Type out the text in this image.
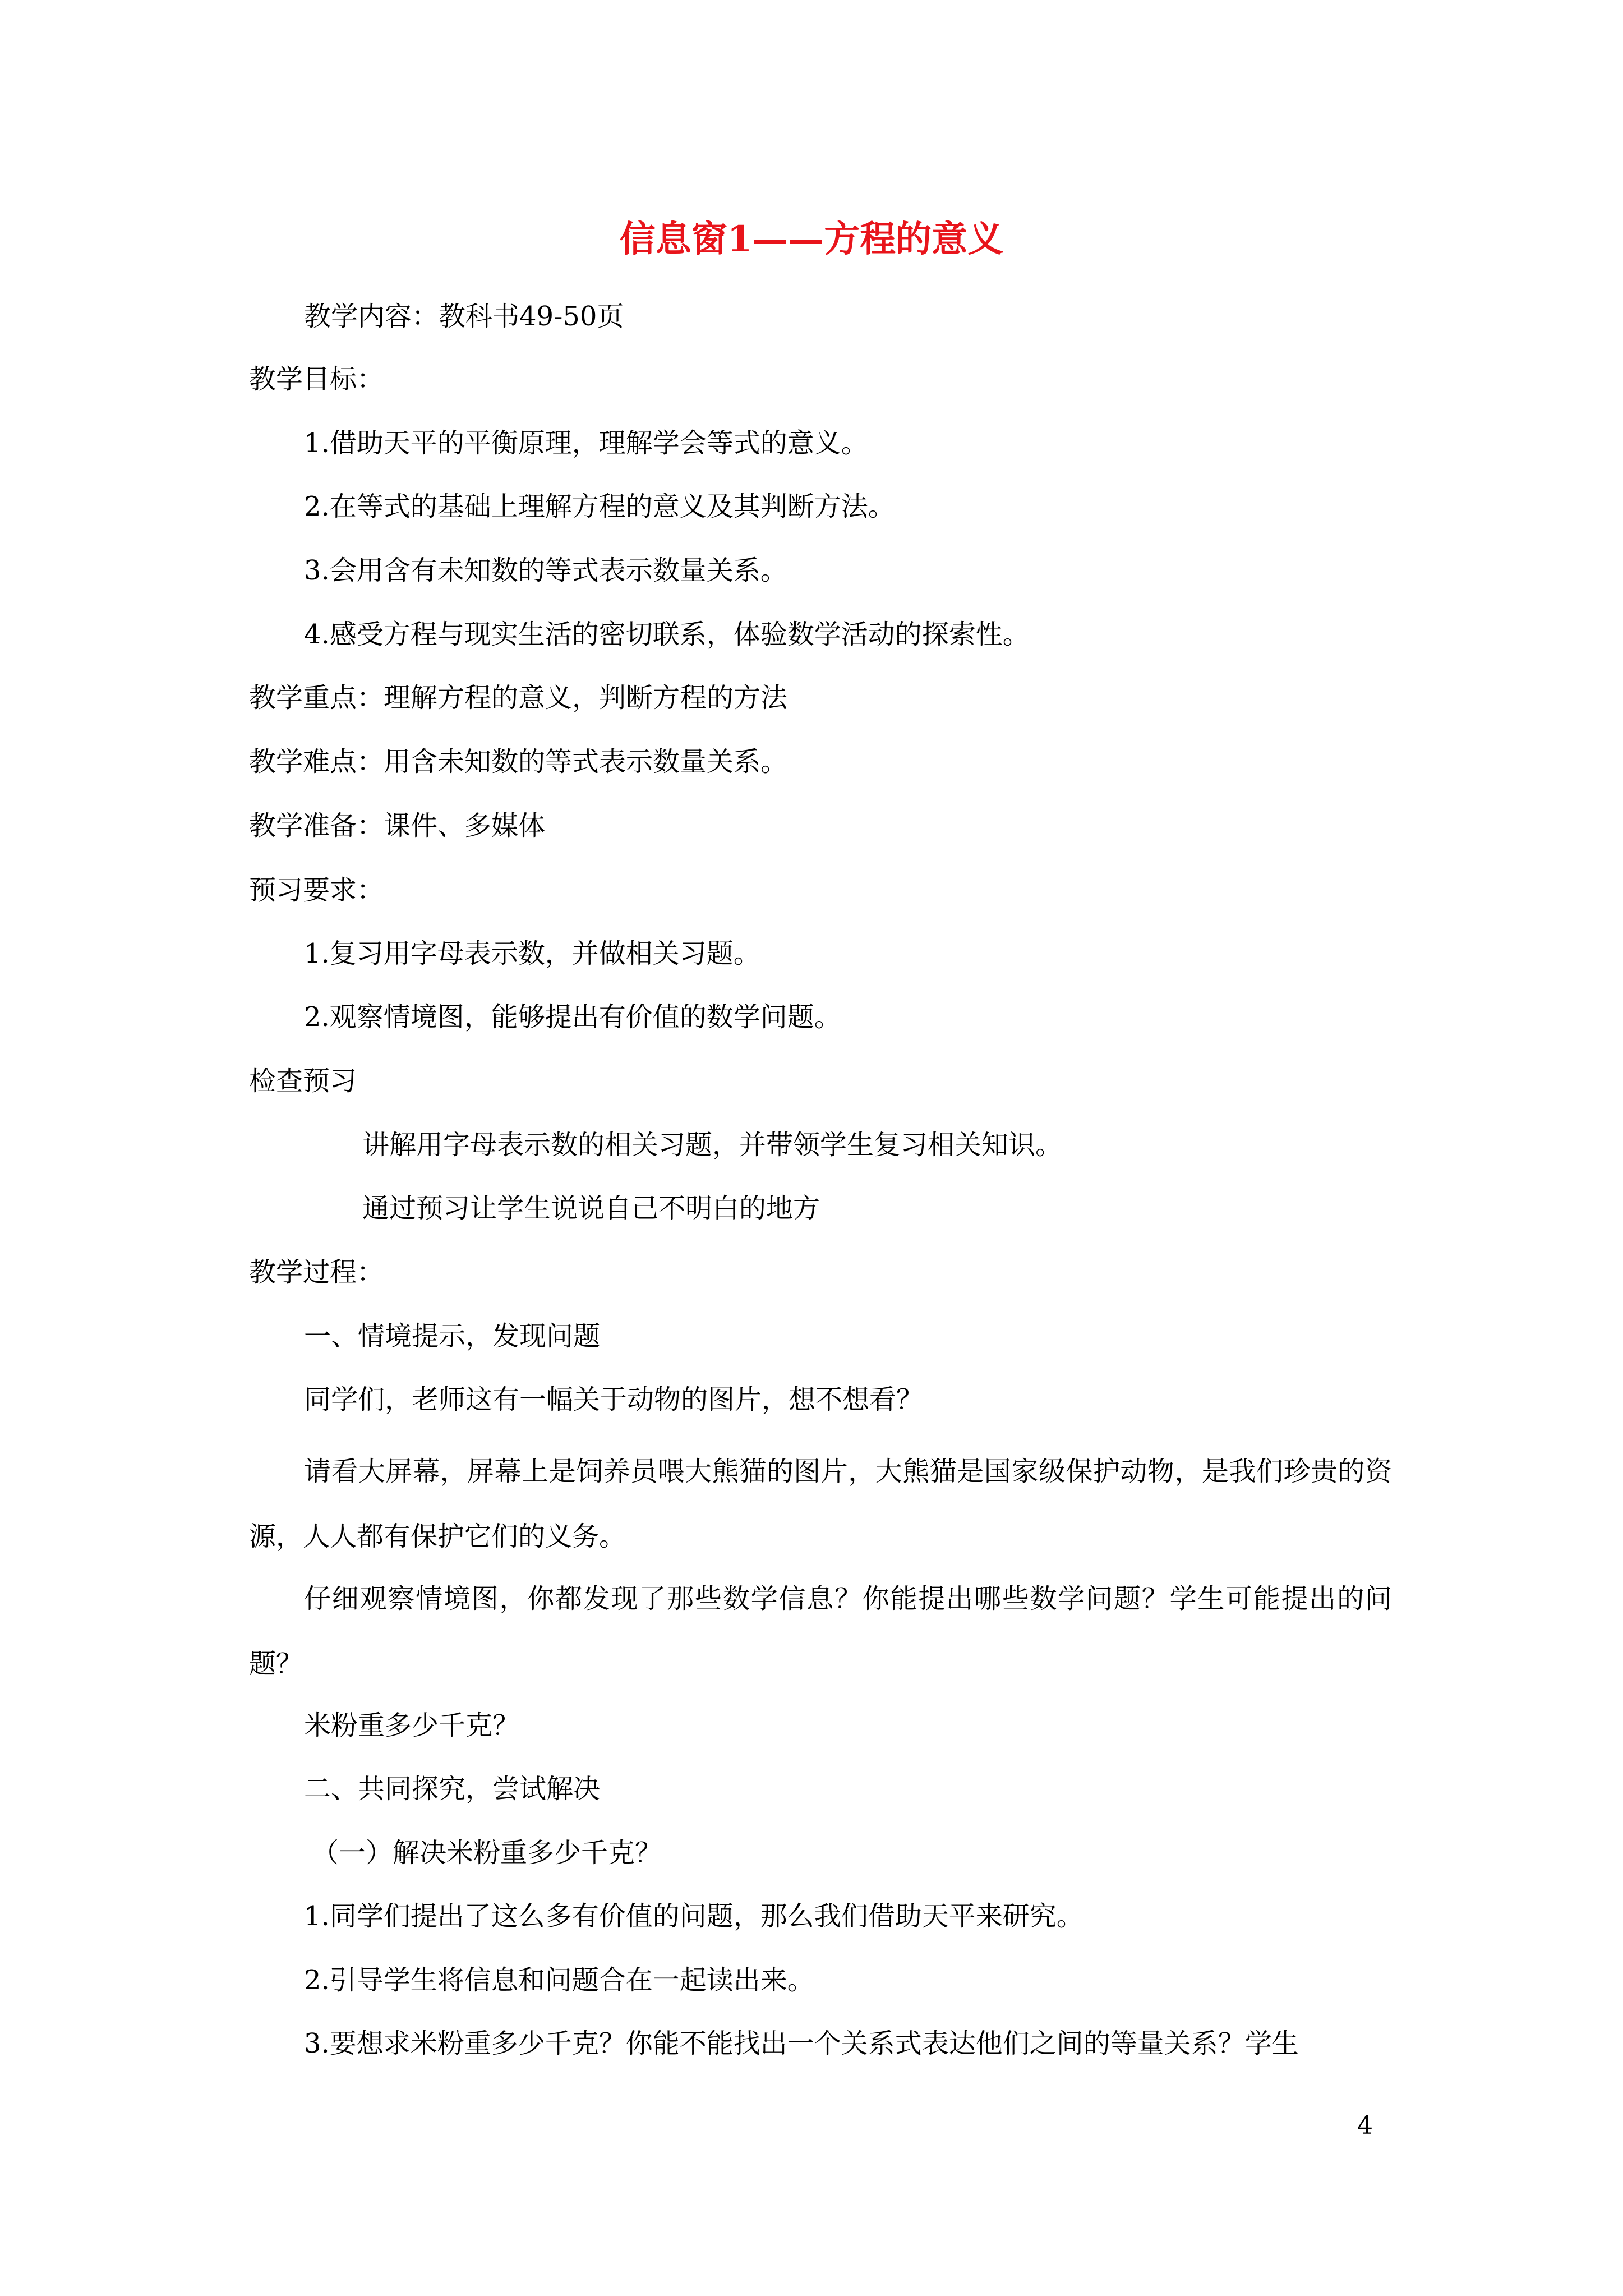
信息窗1——方程的意义
教学内容：教科书49-50页
教学目标：
1.借助天平的平衡原理，理解学会等式的意义。
2.在等式的基础上理解方程的意义及其判断方法。
3.会用含有未知数的等式表示数量关系。
4.感受方程与现实生活的密切联系，体验数学活动的探索性。
教学重点：理解方程的意义，判断方程的方法
教学难点：用含未知数的等式表示数量关系。
教学准备：课件、多媒体
预习要求：
1.复习用字母表示数，并做相关习题。
2.观察情境图，能够提出有价值的数学问题。
检查预习
讲解用字母表示数的相关习题，并带领学生复习相关知识。
通过预习让学生说说自己不明白的地方
教学过程：
一、情境提示，发现问题
同学们，老师这有一幅关于动物的图片，想不想看？
请看大屏幕，屏幕上是饲养员喂大熊猫的图片，大熊猫是国家级保护动物，是我们珍贵的资源，人人都有保护它们的义务。
仔细观察情境图，你都发现了那些数学信息？你能提出哪些数学问题？学生可能提出的问题？
米粉重多少千克？
二、共同探究，尝试解决
（一）解决米粉重多少千克？
1.同学们提出了这么多有价值的问题，那么我们借助天平来研究。
2.引导学生将信息和问题合在一起读出来。
3.要想求米粉重多少千克？你能不能找出一个关系式表达他们之间的等量关系？学生
4
